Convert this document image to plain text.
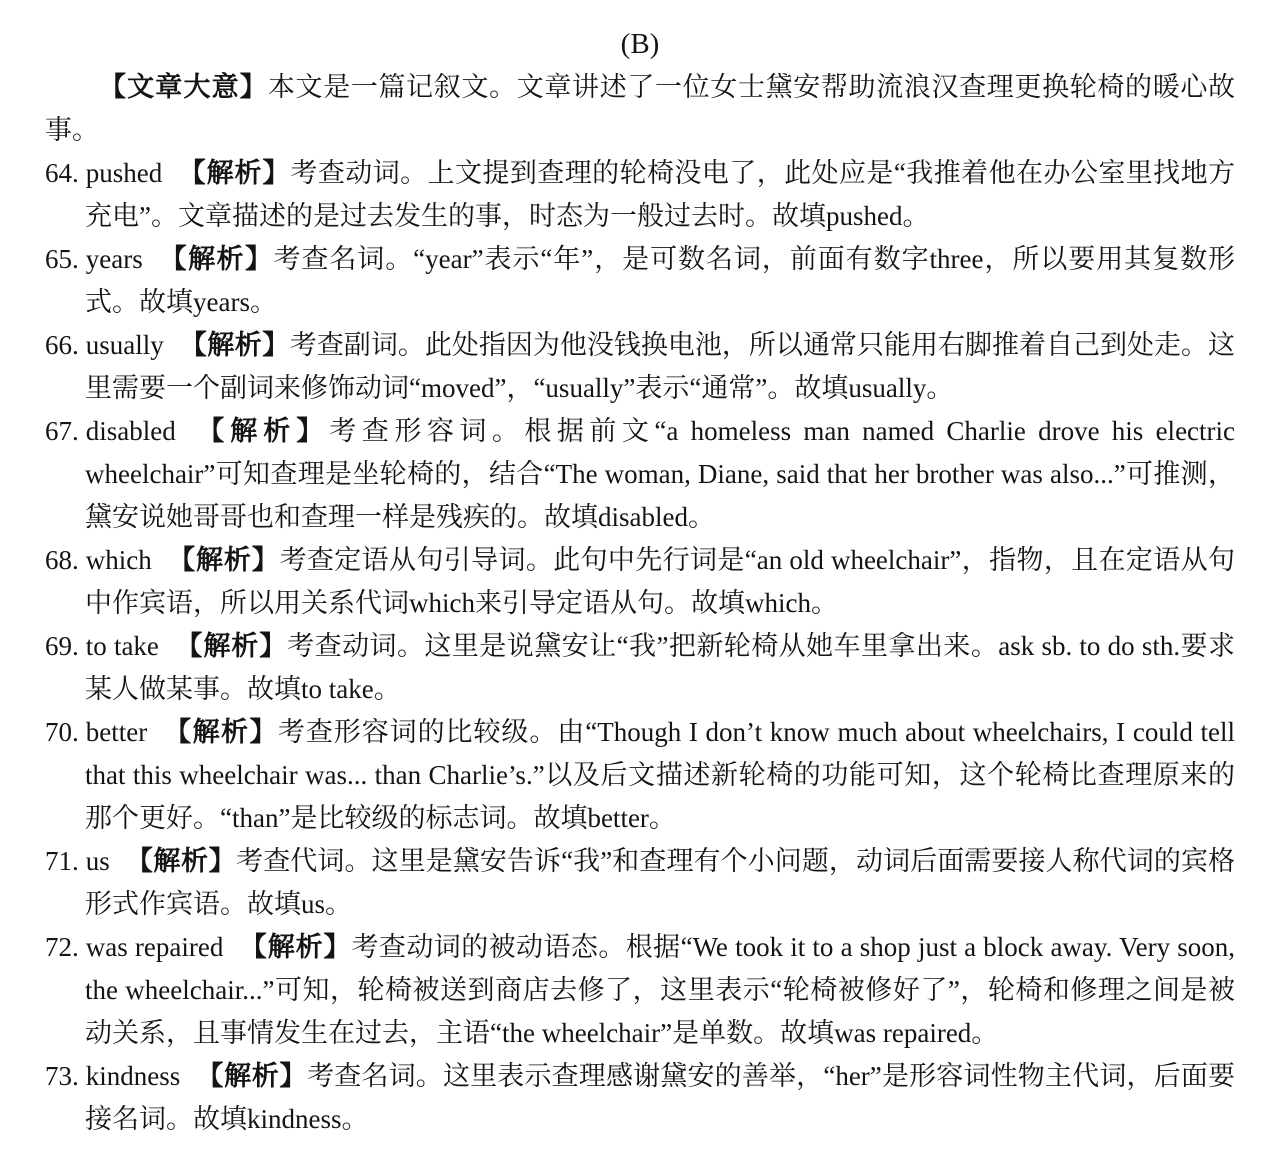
(B)
【文章大意】本文是一篇记叙文。文章讲述了一位女士黛安帮助流浪汉查理更换轮椅的暖心故事。
64. pushed 【解析】考查动词。上文提到查理的轮椅没电了，此处应是“我推着他在办公室里找地方充电”。文章描述的是过去发生的事，时态为一般过去时。故填pushed。
65. years 【解析】考查名词。“year”表示“年”，是可数名词，前面有数字three，所以要用其复数形式。故填years。
66. usually 【解析】考查副词。此处指因为他没钱换电池，所以通常只能用右脚推着自己到处走。这里需要一个副词来修饰动词“moved”，“usually”表示“通常”。故填usually。
67. disabled 【解析】考查形容词。根据前文“a homeless man named Charlie drove his electric wheelchair”可知查理是坐轮椅的，结合“The woman, Diane, said that her brother was also...”可推测，黛安说她哥哥也和查理一样是残疾的。故填disabled。
68. which 【解析】考查定语从句引导词。此句中先行词是“an old wheelchair”，指物，且在定语从句中作宾语，所以用关系代词which来引导定语从句。故填which。
69. to take 【解析】考查动词。这里是说黛安让“我”把新轮椅从她车里拿出来。ask sb. to do sth.要求某人做某事。故填to take。
70. better 【解析】考查形容词的比较级。由“Though I don’t know much about wheelchairs, I could tell that this wheelchair was... than Charlie’s.”以及后文描述新轮椅的功能可知，这个轮椅比查理原来的那个更好。“than”是比较级的标志词。故填better。
71. us 【解析】考查代词。这里是黛安告诉“我”和查理有个小问题，动词后面需要接人称代词的宾格形式作宾语。故填us。
72. was repaired 【解析】考查动词的被动语态。根据“We took it to a shop just a block away. Very soon, the wheelchair...”可知，轮椅被送到商店去修了，这里表示“轮椅被修好了”，轮椅和修理之间是被动关系，且事情发生在过去，主语“the wheelchair”是单数。故填was repaired。
73. kindness 【解析】考查名词。这里表示查理感谢黛安的善举，“her”是形容词性物主代词，后面要接名词。故填kindness。
